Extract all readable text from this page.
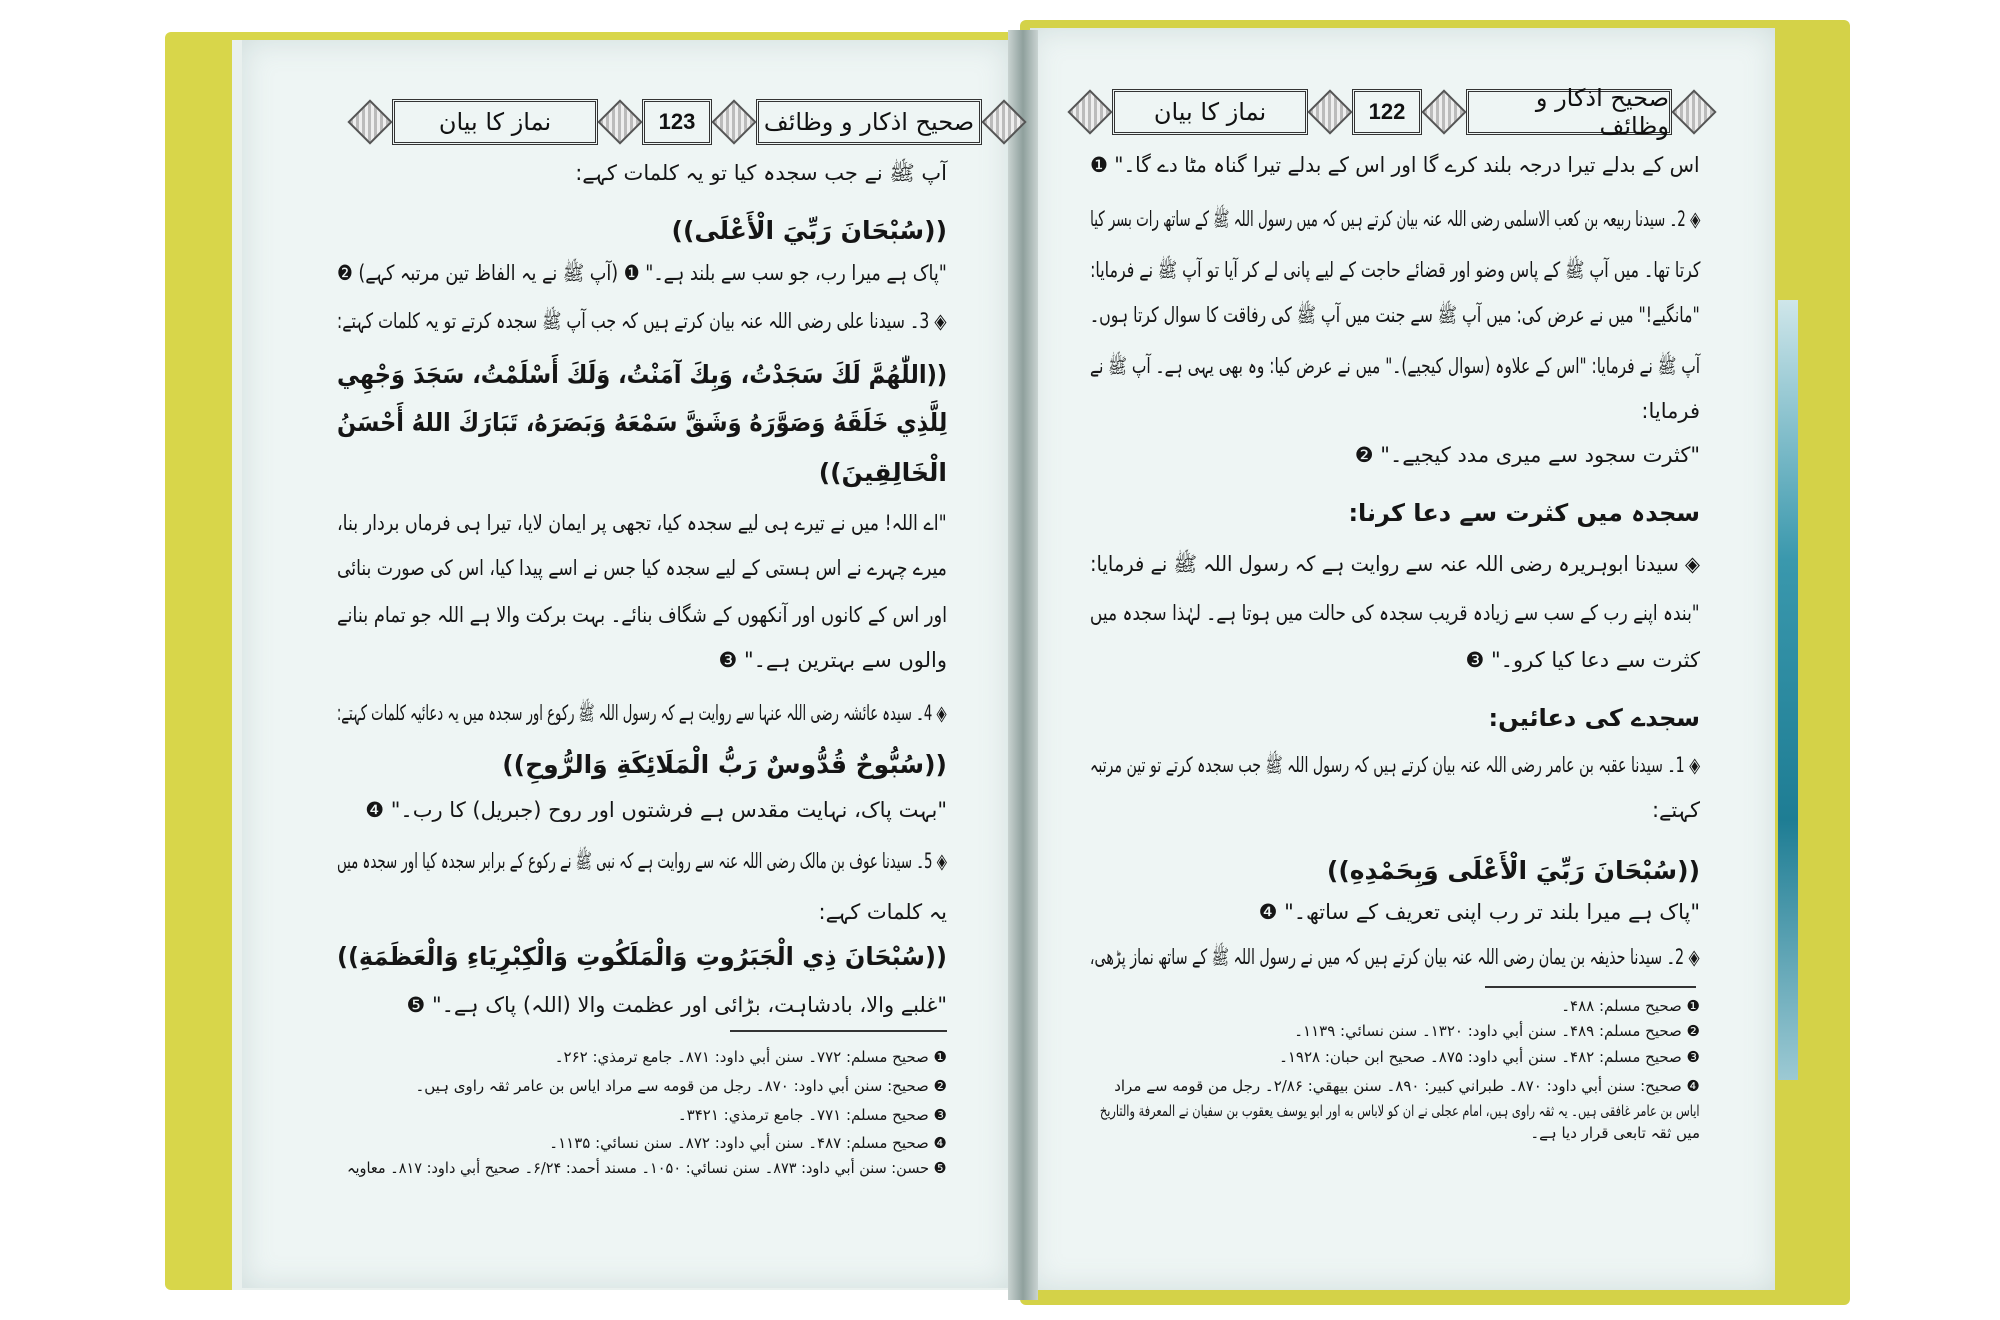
نماز کا بیان	123	صحیح اذکار و وظائف	نماز کا بیان	122	صحیح اذکار و وظائف
آپ ﷺ نے جب سجدہ کیا تو یہ کلمات کہے:
((سُبْحَانَ رَبِّيَ الْأَعْلَى))
"پاک ہے میرا رب، جو سب سے بلند ہے۔" ❶ (آپ ﷺ نے یہ الفاظ تین مرتبہ کہے) ❷
◈ 3۔ سیدنا علی رضی اللہ عنہ بیان کرتے ہیں کہ جب آپ ﷺ سجدہ کرتے تو یہ کلمات کہتے:
((اللّٰهُمَّ لَكَ سَجَدْتُ، وَبِكَ آمَنْتُ، وَلَكَ أَسْلَمْتُ، سَجَدَ وَجْهِي
لِلَّذِي خَلَقَهُ وَصَوَّرَهُ وَشَقَّ سَمْعَهُ وَبَصَرَهُ، تَبَارَكَ اللهُ أَحْسَنُ
الْخَالِقِينَ))
"اے اللہ! میں نے تیرے ہی لیے سجدہ کیا، تجھی پر ایمان لایا، تیرا ہی فرماں بردار بنا،
میرے چہرے نے اس ہستی کے لیے سجدہ کیا جس نے اسے پیدا کیا، اس کی صورت بنائی
اور اس کے کانوں اور آنکھوں کے شگاف بنائے۔ بہت برکت والا ہے اللہ جو تمام بنانے
والوں سے بہترین ہے۔" ❸
◈ 4۔ سیدہ عائشہ رضی اللہ عنہا سے روایت ہے کہ رسول اللہ ﷺ رکوع اور سجدہ میں یہ دعائیہ کلمات کہتے:
((سُبُّوحٌ قُدُّوسٌ رَبُّ الْمَلَائِكَةِ وَالرُّوحِ))
"بہت پاک، نہایت مقدس ہے فرشتوں اور روح (جبریل) کا رب۔" ❹
◈ 5۔ سیدنا عوف بن مالک رضی اللہ عنہ سے روایت ہے کہ نبی ﷺ نے رکوع کے برابر سجدہ کیا اور سجدہ میں
یہ کلمات کہے:
((سُبْحَانَ ذِي الْجَبَرُوتِ وَالْمَلَكُوتِ وَالْكِبْرِيَاءِ وَالْعَظَمَةِ))
"غلبے والا، بادشاہت، بڑائی اور عظمت والا (اللہ) پاک ہے۔" ❺
❶ صحیح مسلم: ۷۷۲۔ سنن أبي داود: ۸۷۱۔ جامع ترمذي: ۲۶۲۔
❷ صحیح: سنن أبي داود: ۸۷۰۔ رجل من قومه سے مراد ایاس بن عامر ثقہ راوی ہیں۔
❸ صحیح مسلم: ۷۷۱۔ جامع ترمذي: ۳۴۲۱۔
❹ صحیح مسلم: ۴۸۷۔ سنن أبي داود: ۸۷۲۔ سنن نسائي: ۱۱۳۵۔
❺ حسن: سنن أبي داود: ۸۷۳۔ سنن نسائي: ۱۰۵۰۔ مسند أحمد: ۶/۲۴۔ صحیح أبي داود: ۸۱۷۔ معاویہ
اس کے بدلے تیرا درجہ بلند کرے گا اور اس کے بدلے تیرا گناہ مٹا دے گا۔" ❶
◈ 2۔ سیدنا ربیعہ بن کعب الاسلمی رضی اللہ عنہ بیان کرتے ہیں کہ میں رسول اللہ ﷺ کے ساتھ رات بسر کیا
کرتا تھا۔ میں آپ ﷺ کے پاس وضو اور قضائے حاجت کے لیے پانی لے کر آیا تو آپ ﷺ نے فرمایا:
"مانگیے!" میں نے عرض کی: میں آپ ﷺ سے جنت میں آپ ﷺ کی رفاقت کا سوال کرتا ہوں۔
آپ ﷺ نے فرمایا: "اس کے علاوہ (سوال کیجیے)۔" میں نے عرض کیا: وہ بھی یہی ہے۔ آپ ﷺ نے
فرمایا:
"کثرت سجود سے میری مدد کیجیے۔" ❷
سجدہ میں کثرت سے دعا کرنا:
◈ سیدنا ابوہریرہ رضی اللہ عنہ سے روایت ہے کہ رسول اللہ ﷺ نے فرمایا:
"بندہ اپنے رب کے سب سے زیادہ قریب سجدہ کی حالت میں ہوتا ہے۔ لہٰذا سجدہ میں
کثرت سے دعا کیا کرو۔" ❸
سجدے کی دعائیں:
◈ 1۔ سیدنا عقبہ بن عامر رضی اللہ عنہ بیان کرتے ہیں کہ رسول اللہ ﷺ جب سجدہ کرتے تو تین مرتبہ
کہتے:
((سُبْحَانَ رَبِّيَ الْأَعْلَى وَبِحَمْدِهِ))
"پاک ہے میرا بلند تر رب اپنی تعریف کے ساتھ۔" ❹
◈ 2۔ سیدنا حذیفہ بن یمان رضی اللہ عنہ بیان کرتے ہیں کہ میں نے رسول اللہ ﷺ کے ساتھ نماز پڑھی،
❶ صحیح مسلم: ۴۸۸۔
❷ صحیح مسلم: ۴۸۹۔ سنن أبي داود: ۱۳۲۰۔ سنن نسائي: ۱۱۳۹۔
❸ صحیح مسلم: ۴۸۲۔ سنن أبي داود: ۸۷۵۔ صحیح ابن حبان: ۱۹۲۸۔
❹ صحیح: سنن أبي داود: ۸۷۰۔ طبراني کبیر: ۸۹۰۔ سنن بیهقي: ۲/۸۶۔ رجل من قومه سے مراد
ایاس بن عامر غافقی ہیں۔ یہ ثقہ راوی ہیں، امام عجلی نے ان کو لاباس به اور ابو یوسف یعقوب بن سفیان نے المعرفة والتاریخ
میں ثقہ تابعی قرار دیا ہے۔
